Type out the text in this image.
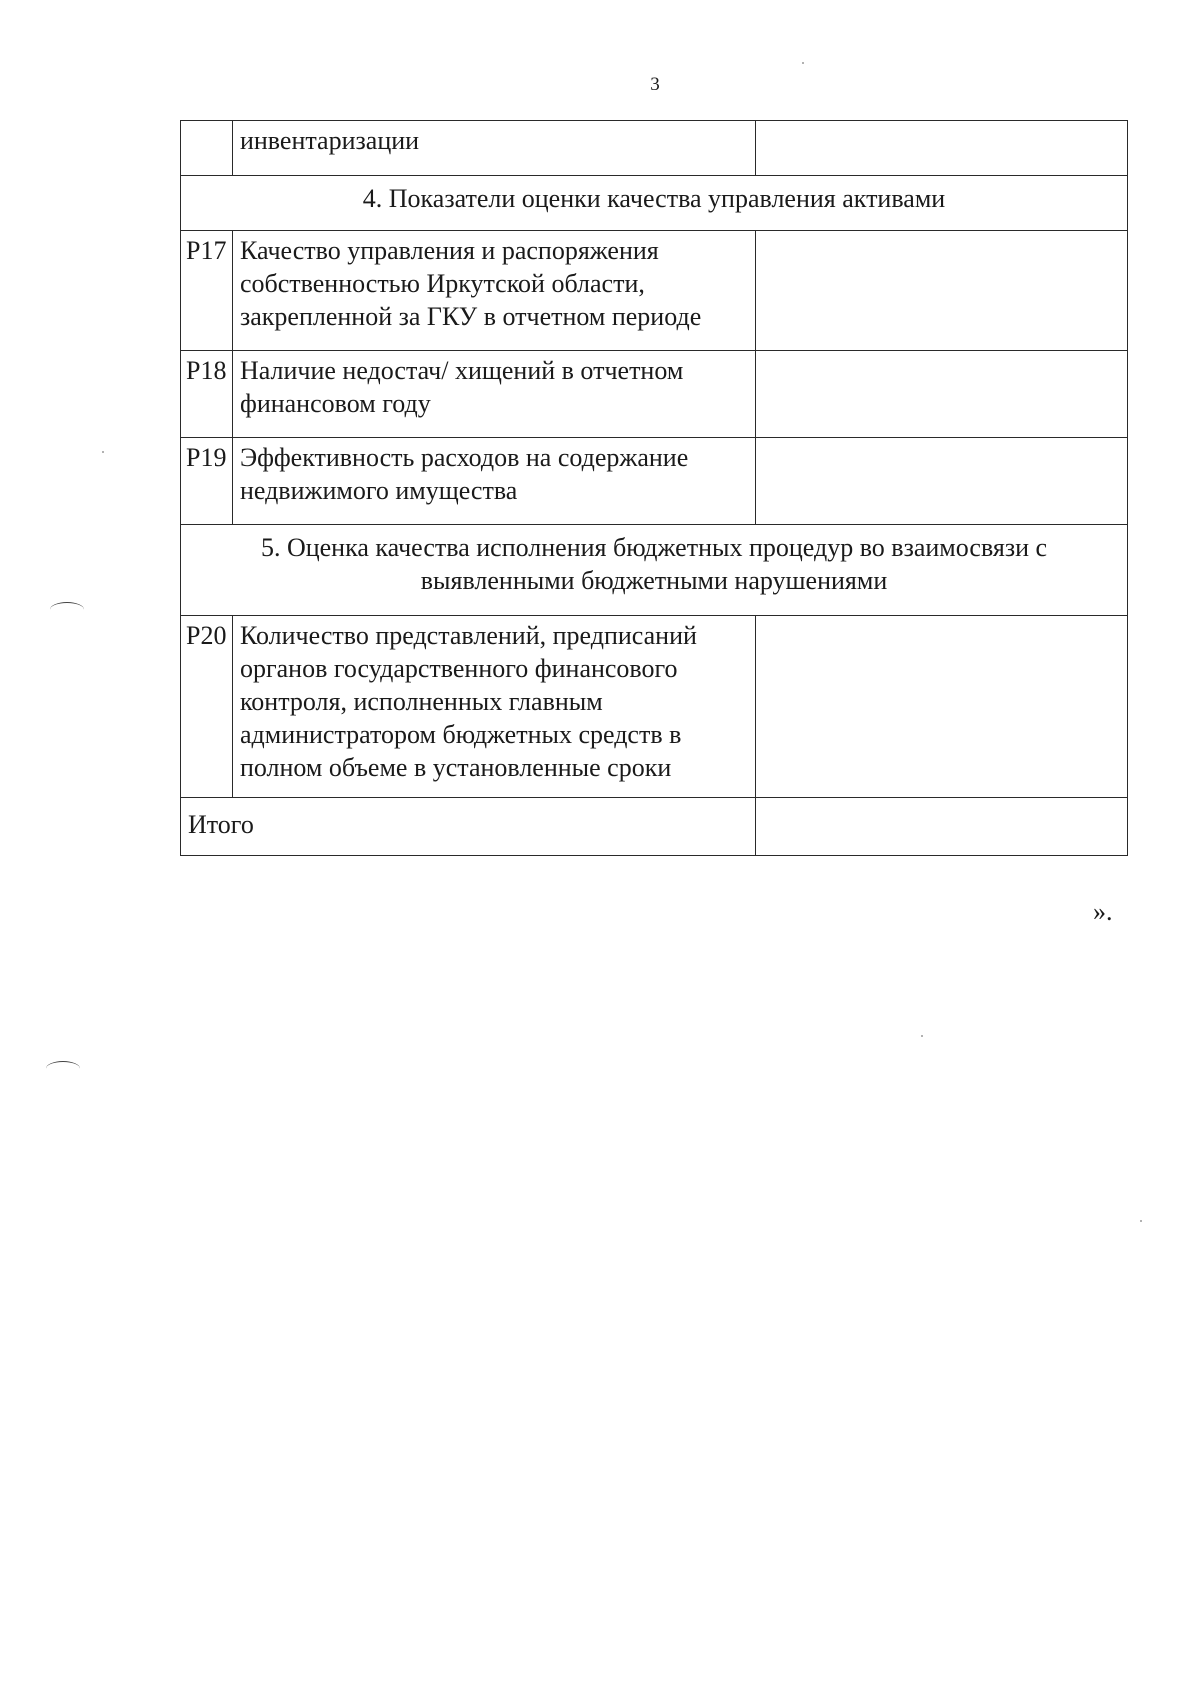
3
	инвентаризации	
4. Показатели оценки качества управления активами		
P17	Качество управления и распоряжения собственностью Иркутской области, закрепленной за ГКУ в отчетном периоде	
P18	Наличие недостач/ хищений в отчетном финансовом году	
P19	Эффективность расходов на содержание недвижимого имущества	
5. Оценка качества исполнения бюджетных процедур во взаимосвязи с выявленными бюджетными нарушениями		
P20	Количество представлений, предписаний органов государственного финансового контроля, исполненных главным администратором бюджетных средств в полном объеме в установленные сроки	
Итого		
».
